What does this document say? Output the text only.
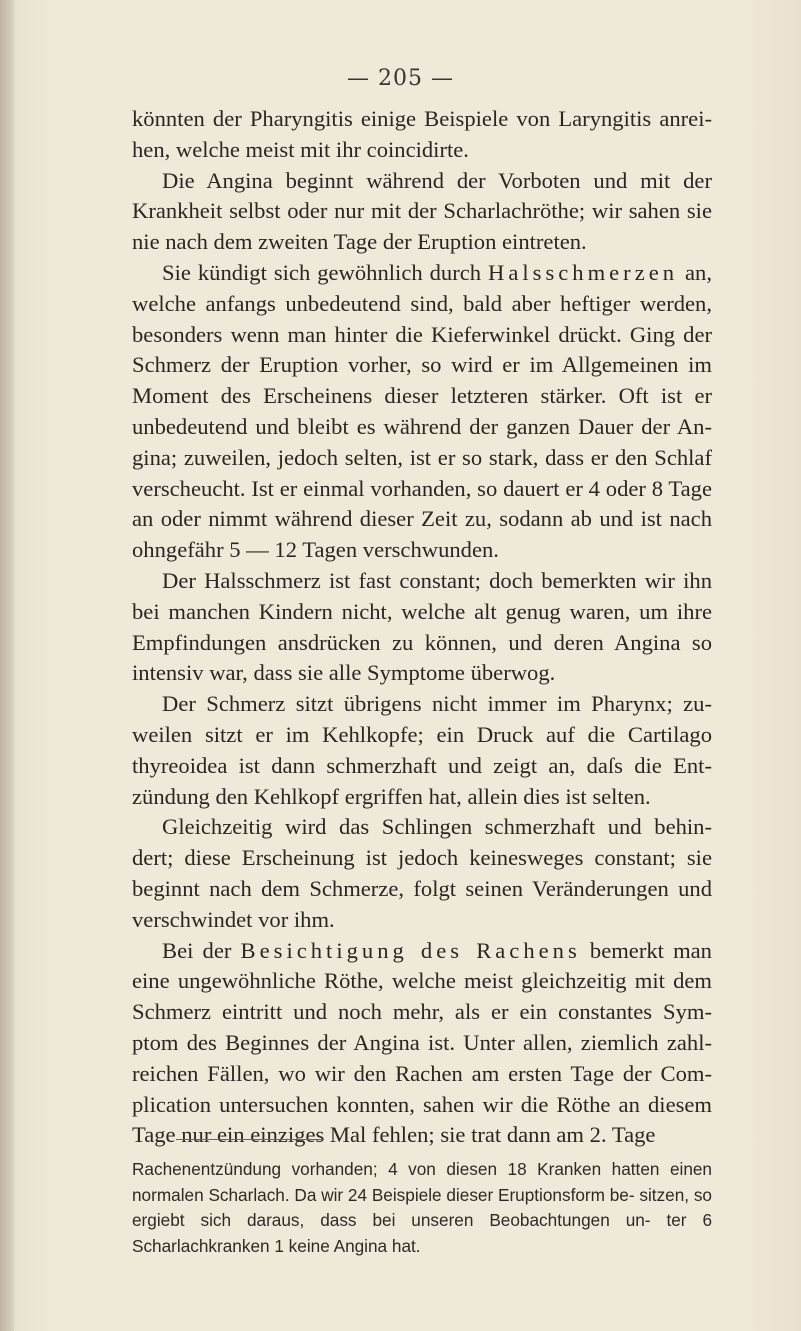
— 205 —

könnten der Pharyngitis einige Beispiele von Laryngitis anrei- hen, welche meist mit ihr coincidirte.

Die Angina beginnt während der Vorboten und mit der Krankheit selbst oder nur mit der Scharlachröthe; wir sahen sie nie nach dem zweiten Tage der Eruption eintreten.

Sie kündigt sich gewöhnlich durch Halsschmerzen an, welche anfangs unbedeutend sind, bald aber heftiger werden, besonders wenn man hinter die Kieferwinkel drückt. Ging der Schmerz der Eruption vorher, so wird er im Allgemeinen im Moment des Erscheinens dieser letzteren stärker. Oft ist er unbedeutend und bleibt es während der ganzen Dauer der An- gina; zuweilen, jedoch selten, ist er so stark, dass er den Schlaf verscheucht. Ist er einmal vorhanden, so dauert er 4 oder 8 Tage an oder nimmt während dieser Zeit zu, sodann ab und ist nach ohngefähr 5 — 12 Tagen verschwunden.

Der Halsschmerz ist fast constant; doch bemerkten wir ihn bei manchen Kindern nicht, welche alt genug waren, um ihre Empfindungen ansdrücken zu können, und deren Angina so intensiv war, dass sie alle Symptome überwog.

Der Schmerz sitzt übrigens nicht immer im Pharynx; zu- weilen sitzt er im Kehlkopfe; ein Druck auf die Cartilago thyreoidea ist dann schmerzhaft und zeigt an, daſs die Ent- zündung den Kehlkopf ergriffen hat, allein dies ist selten.

Gleichzeitig wird das Schlingen schmerzhaft und behin- dert; diese Erscheinung ist jedoch keinesweges constant; sie beginnt nach dem Schmerze, folgt seinen Veränderungen und verschwindet vor ihm.

Bei der Besichtigung des Rachens bemerkt man eine ungewöhnliche Röthe, welche meist gleichzeitig mit dem Schmerz eintritt und noch mehr, als er ein constantes Sym- ptom des Beginnes der Angina ist. Unter allen, ziemlich zahl- reichen Fällen, wo wir den Rachen am ersten Tage der Com- plication untersuchen konnten, sahen wir die Röthe an diesem Tage nur ein einziges Mal fehlen; sie trat dann am 2. Tage

Rachenentzündung vorhanden; 4 von diesen 18 Kranken hatten einen normalen Scharlach. Da wir 24 Beispiele dieser Eruptionsform be- sitzen, so ergiebt sich daraus, dass bei unseren Beobachtungen un- ter 6 Scharlachkranken 1 keine Angina hat.
